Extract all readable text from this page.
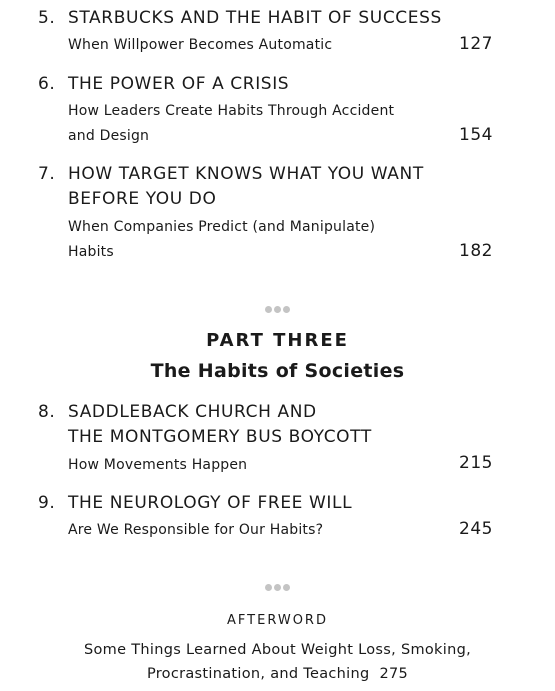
5. STARBUCKS AND THE HABIT OF SUCCESS
When Willpower Becomes Automatic	127
6. THE POWER OF A CRISIS
How Leaders Create Habits Through Accident
and Design	154
7. HOW TARGET KNOWS WHAT YOU WANT
BEFORE YOU DO
When Companies Predict (and Manipulate)
Habits	182
PART THREE
The Habits of Societies
8. SADDLEBACK CHURCH AND
THE MONTGOMERY BUS BOYCOTT
How Movements Happen	215
9. THE NEUROLOGY OF FREE WILL
Are We Responsible for Our Habits?	245
AFTERWORD
Some Things Learned About Weight Loss, Smoking,
Procrastination, and Teaching 275
